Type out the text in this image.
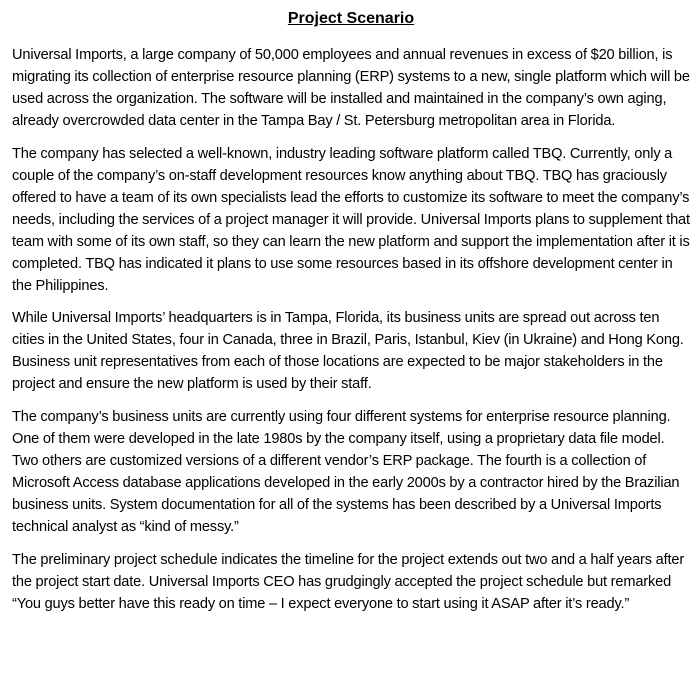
Project Scenario

Universal Imports, a large company of 50,000 employees and annual revenues in excess of $20 billion, is migrating its collection of enterprise resource planning (ERP) systems to a new, single platform which will be used across the organization. The software will be installed and maintained in the company’s own aging, already overcrowded data center in the Tampa Bay / St. Petersburg metropolitan area in Florida.

The company has selected a well-known, industry leading software platform called TBQ. Currently, only a couple of the company’s on-staff development resources know anything about TBQ. TBQ has graciously offered to have a team of its own specialists lead the efforts to customize its software to meet the company’s needs, including the services of a project manager it will provide. Universal Imports plans to supplement that team with some of its own staff, so they can learn the new platform and support the implementation after it is completed. TBQ has indicated it plans to use some resources based in its offshore development center in the Philippines.

While Universal Imports’ headquarters is in Tampa, Florida, its business units are spread out across ten cities in the United States, four in Canada, three in Brazil, Paris, Istanbul, Kiev (in Ukraine) and Hong Kong. Business unit representatives from each of those locations are expected to be major stakeholders in the project and ensure the new platform is used by their staff.

The company’s business units are currently using four different systems for enterprise resource planning. One of them were developed in the late 1980s by the company itself, using a proprietary data file model. Two others are customized versions of a different vendor’s ERP package. The fourth is a collection of Microsoft Access database applications developed in the early 2000s by a contractor hired by the Brazilian business units. System documentation for all of the systems has been described by a Universal Imports technical analyst as “kind of messy.”

The preliminary project schedule indicates the timeline for the project extends out two and a half years after the project start date. Universal Imports CEO has grudgingly accepted the project schedule but remarked “You guys better have this ready on time – I expect everyone to start using it ASAP after it’s ready.”
